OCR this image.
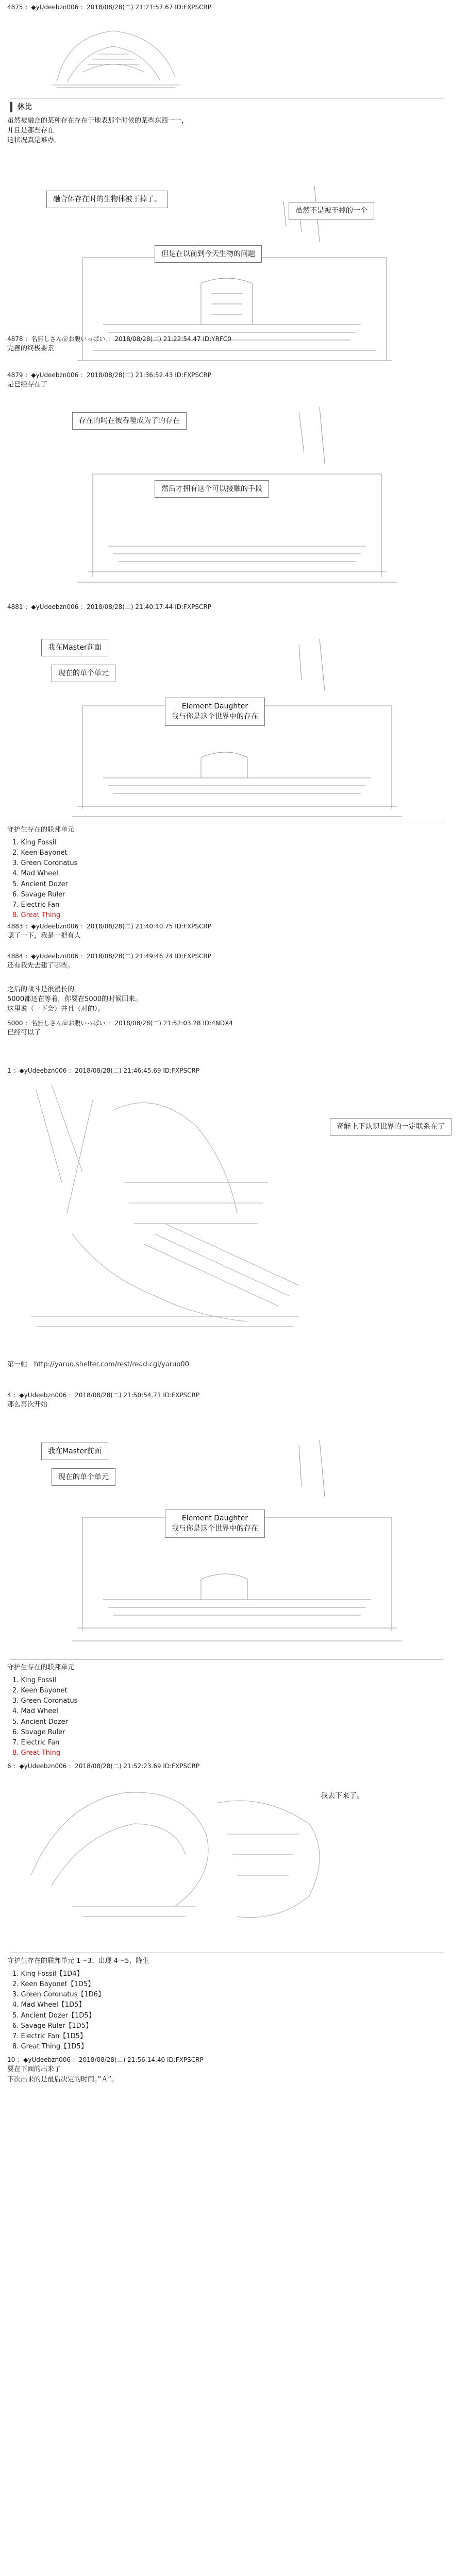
4875 ：◆yUdeebzn006 ：2018/08/28(二) 21:21:57.67 ID:FXPSCRP
休比
虽然被融合的某种存在存在于地表那个时候的某些东西一一，
并且是那些存在
这状况真是难办。
融合体存在时的生物体被干掉了。
虽然不是被干掉的一个
但是在以前到今天生物的问题
4878 ：名無しさん＠お腹いっぱい。：2018/08/28(二) 21:22:54.47 ID:YRFC0
完善的终极要素
4879 ：◆yUdeebzn006 ：2018/08/28(二) 21:36:52.43 ID:FXPSCRP
是已经存在了
存在的吗在被吞噬成为了的存在
然后才拥有这个可以接触的手段
4881 ：◆yUdeebzn006 ：2018/08/28(二) 21:40:17.44 ID:FXPSCRP
我在Master前面
现在的单个单元
Element Daughter
我与你是这个世界中的存在
守护生存在的联邦单元
1. King Fossil
2. Keen Bayonet
3. Green Coronatus
4. Mad Wheel
5. Ancient Dozer
6. Savage Ruler
7. Electric Fan
8. Great Thing
4883 ：◆yUdeebzn006 ：2018/08/28(二) 21:40:40.75 ID:FXPSCRP
嗯了一下，我是一把有人
4884 ：◆yUdeebzn006 ：2018/08/28(二) 21:49:46.74 ID:FXPSCRP
还有我先去建了哪些。
之后的战斗是很漫长的。
5000都还在等着，你要在5000的时候回来。
这里说（一下会）并且（对的）。
5000 ：名無しさん＠お腹いっぱい。：2018/08/28(二) 21:52:03.28 ID:4NDX4
已经可以了
1 ：◆yUdeebzn006 ：2018/08/28(二) 21:46:45.69 ID:FXPSCRP
奇能上下认识世界的一定联系在了
第一帖　http://yaruo.shelter.com/rest/read.cgi/yaruo00
4 ：◆yUdeebzn006 ：2018/08/28(二) 21:50:54.71 ID:FXPSCRP
那么再次开始
我在Master前面
现在的单个单元
Element Daughter
我与你是这个世界中的存在
守护生存在的联邦单元
1. King Fossil
2. Keen Bayonet
3. Green Coronatus
4. Mad Wheel
5. Ancient Dozer
6. Savage Ruler
7. Electric Fan
8. Great Thing
6 ：◆yUdeebzn006 ：2018/08/28(二) 21:52:23.69 ID:FXPSCRP
我去下来了。
守护生存在的联邦单元 1～3、出现 4～5、降生
1. King Fossil【1D4】
2. Keen Bayonet【1D5】
3. Green Coronatus【1D6】
4. Mad Wheel【1D5】
5. Ancient Dozer【1D5】
6. Savage Ruler【1D5】
7. Electric Fan【1D5】
8. Great Thing【1D5】
10 ：◆yUdeebzn006 ：2018/08/28(二) 21:56:14.40 ID:FXPSCRP
要在下面的出来了
下次出来的是最后决定的时间。”Ａ”。
